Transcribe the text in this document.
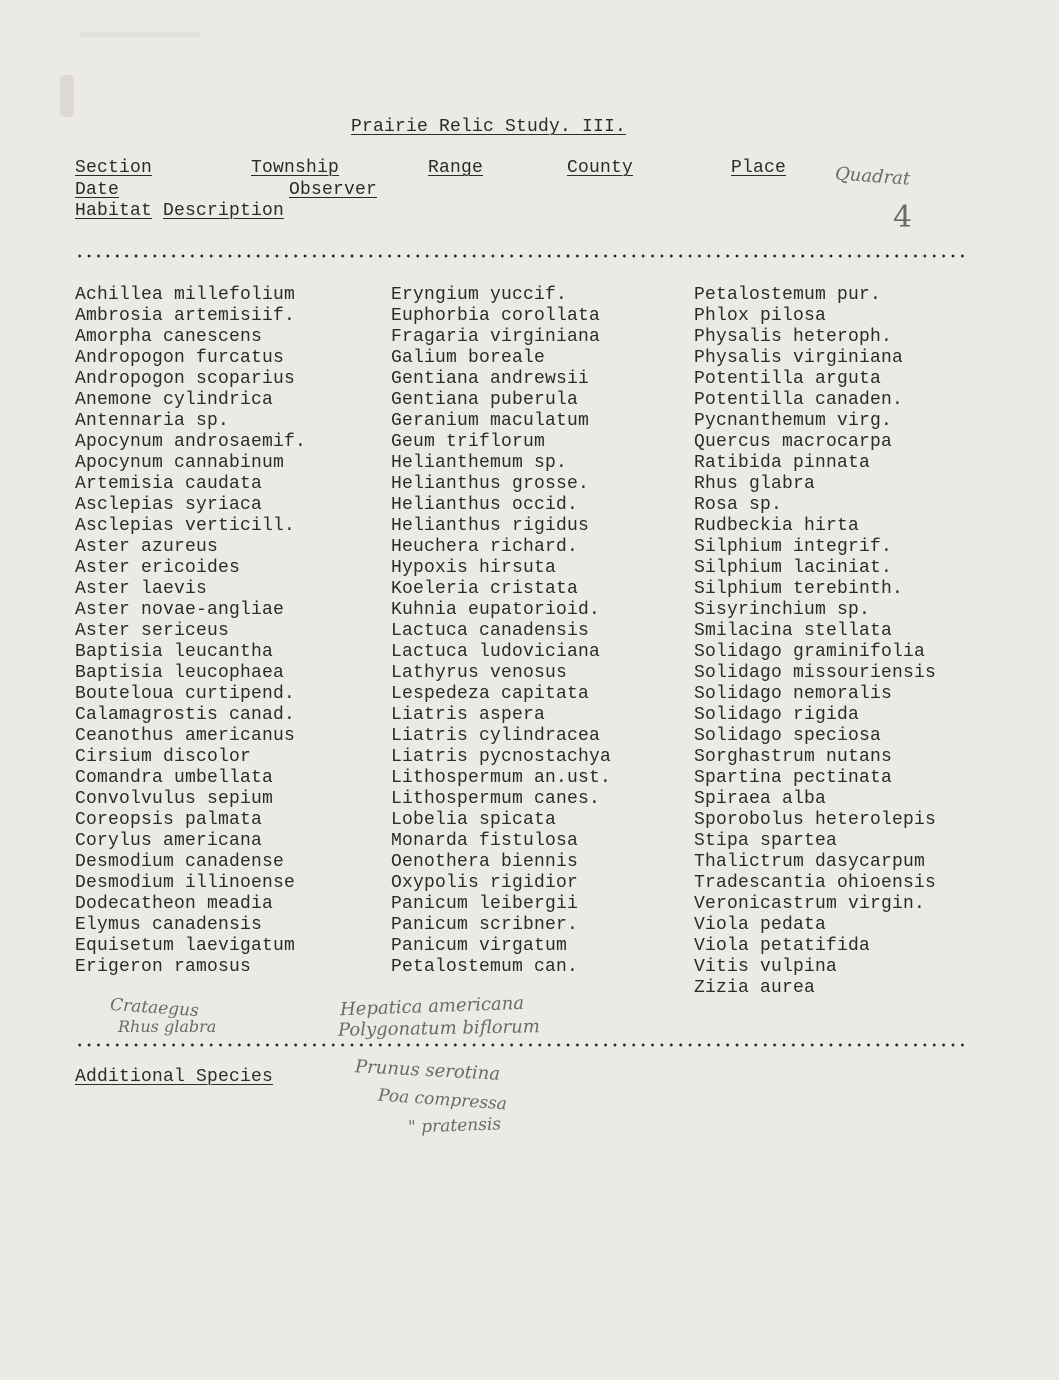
Prairie Relic Study. III.
Section	Township	Range	County	Place
Date	Observer
Habitat Description
Quadrat
4
Achillea millefolium
Ambrosia artemisiif.
Amorpha canescens
Andropogon furcatus
Andropogon scoparius
Anemone cylindrica
Antennaria sp.
Apocynum androsaemif.
Apocynum cannabinum
Artemisia caudata
Asclepias syriaca
Asclepias verticill.
Aster azureus
Aster ericoides
Aster laevis
Aster novae-angliae
Aster sericeus
Baptisia leucantha
Baptisia leucophaea
Bouteloua curtipend.
Calamagrostis canad.
Ceanothus americanus
Cirsium discolor
Comandra umbellata
Convolvulus sepium
Coreopsis palmata
Corylus americana
Desmodium canadense
Desmodium illinoense
Dodecatheon meadia
Elymus canadensis
Equisetum laevigatum
Erigeron ramosus
Eryngium yuccif.
Euphorbia corollata
Fragaria virginiana
Galium boreale
Gentiana andrewsii
Gentiana puberula
Geranium maculatum
Geum triflorum
Helianthemum sp.
Helianthus grosse.
Helianthus occid.
Helianthus rigidus
Heuchera richard.
Hypoxis hirsuta
Koeleria cristata
Kuhnia eupatorioid.
Lactuca canadensis
Lactuca ludoviciana
Lathyrus venosus
Lespedeza capitata
Liatris aspera
Liatris cylindracea
Liatris pycnostachya
Lithospermum an.ust.
Lithospermum canes.
Lobelia spicata
Monarda fistulosa
Oenothera biennis
Oxypolis rigidior
Panicum leibergii
Panicum scribner.
Panicum virgatum
Petalostemum can.
Petalostemum pur.
Phlox pilosa
Physalis heteroph.
Physalis virginiana
Potentilla arguta
Potentilla canaden.
Pycnanthemum virg.
Quercus macrocarpa
Ratibida pinnata
Rhus glabra
Rosa sp.
Rudbeckia hirta
Silphium integrif.
Silphium laciniat.
Silphium terebinth.
Sisyrinchium sp.
Smilacina stellata
Solidago graminifolia
Solidago missouriensis
Solidago nemoralis
Solidago rigida
Solidago speciosa
Sorghastrum nutans
Spartina pectinata
Spiraea alba
Sporobolus heterolepis
Stipa spartea
Thalictrum dasycarpum
Tradescantia ohioensis
Veronicastrum virgin.
Viola pedata
Viola petatifida
Vitis vulpina
Zizia aurea
Crataegus
Rhus glabra
Hepatica americana
Polygonatum biflorum
Prunus serotina
Poa compressa
" pratensis
Additional Species
